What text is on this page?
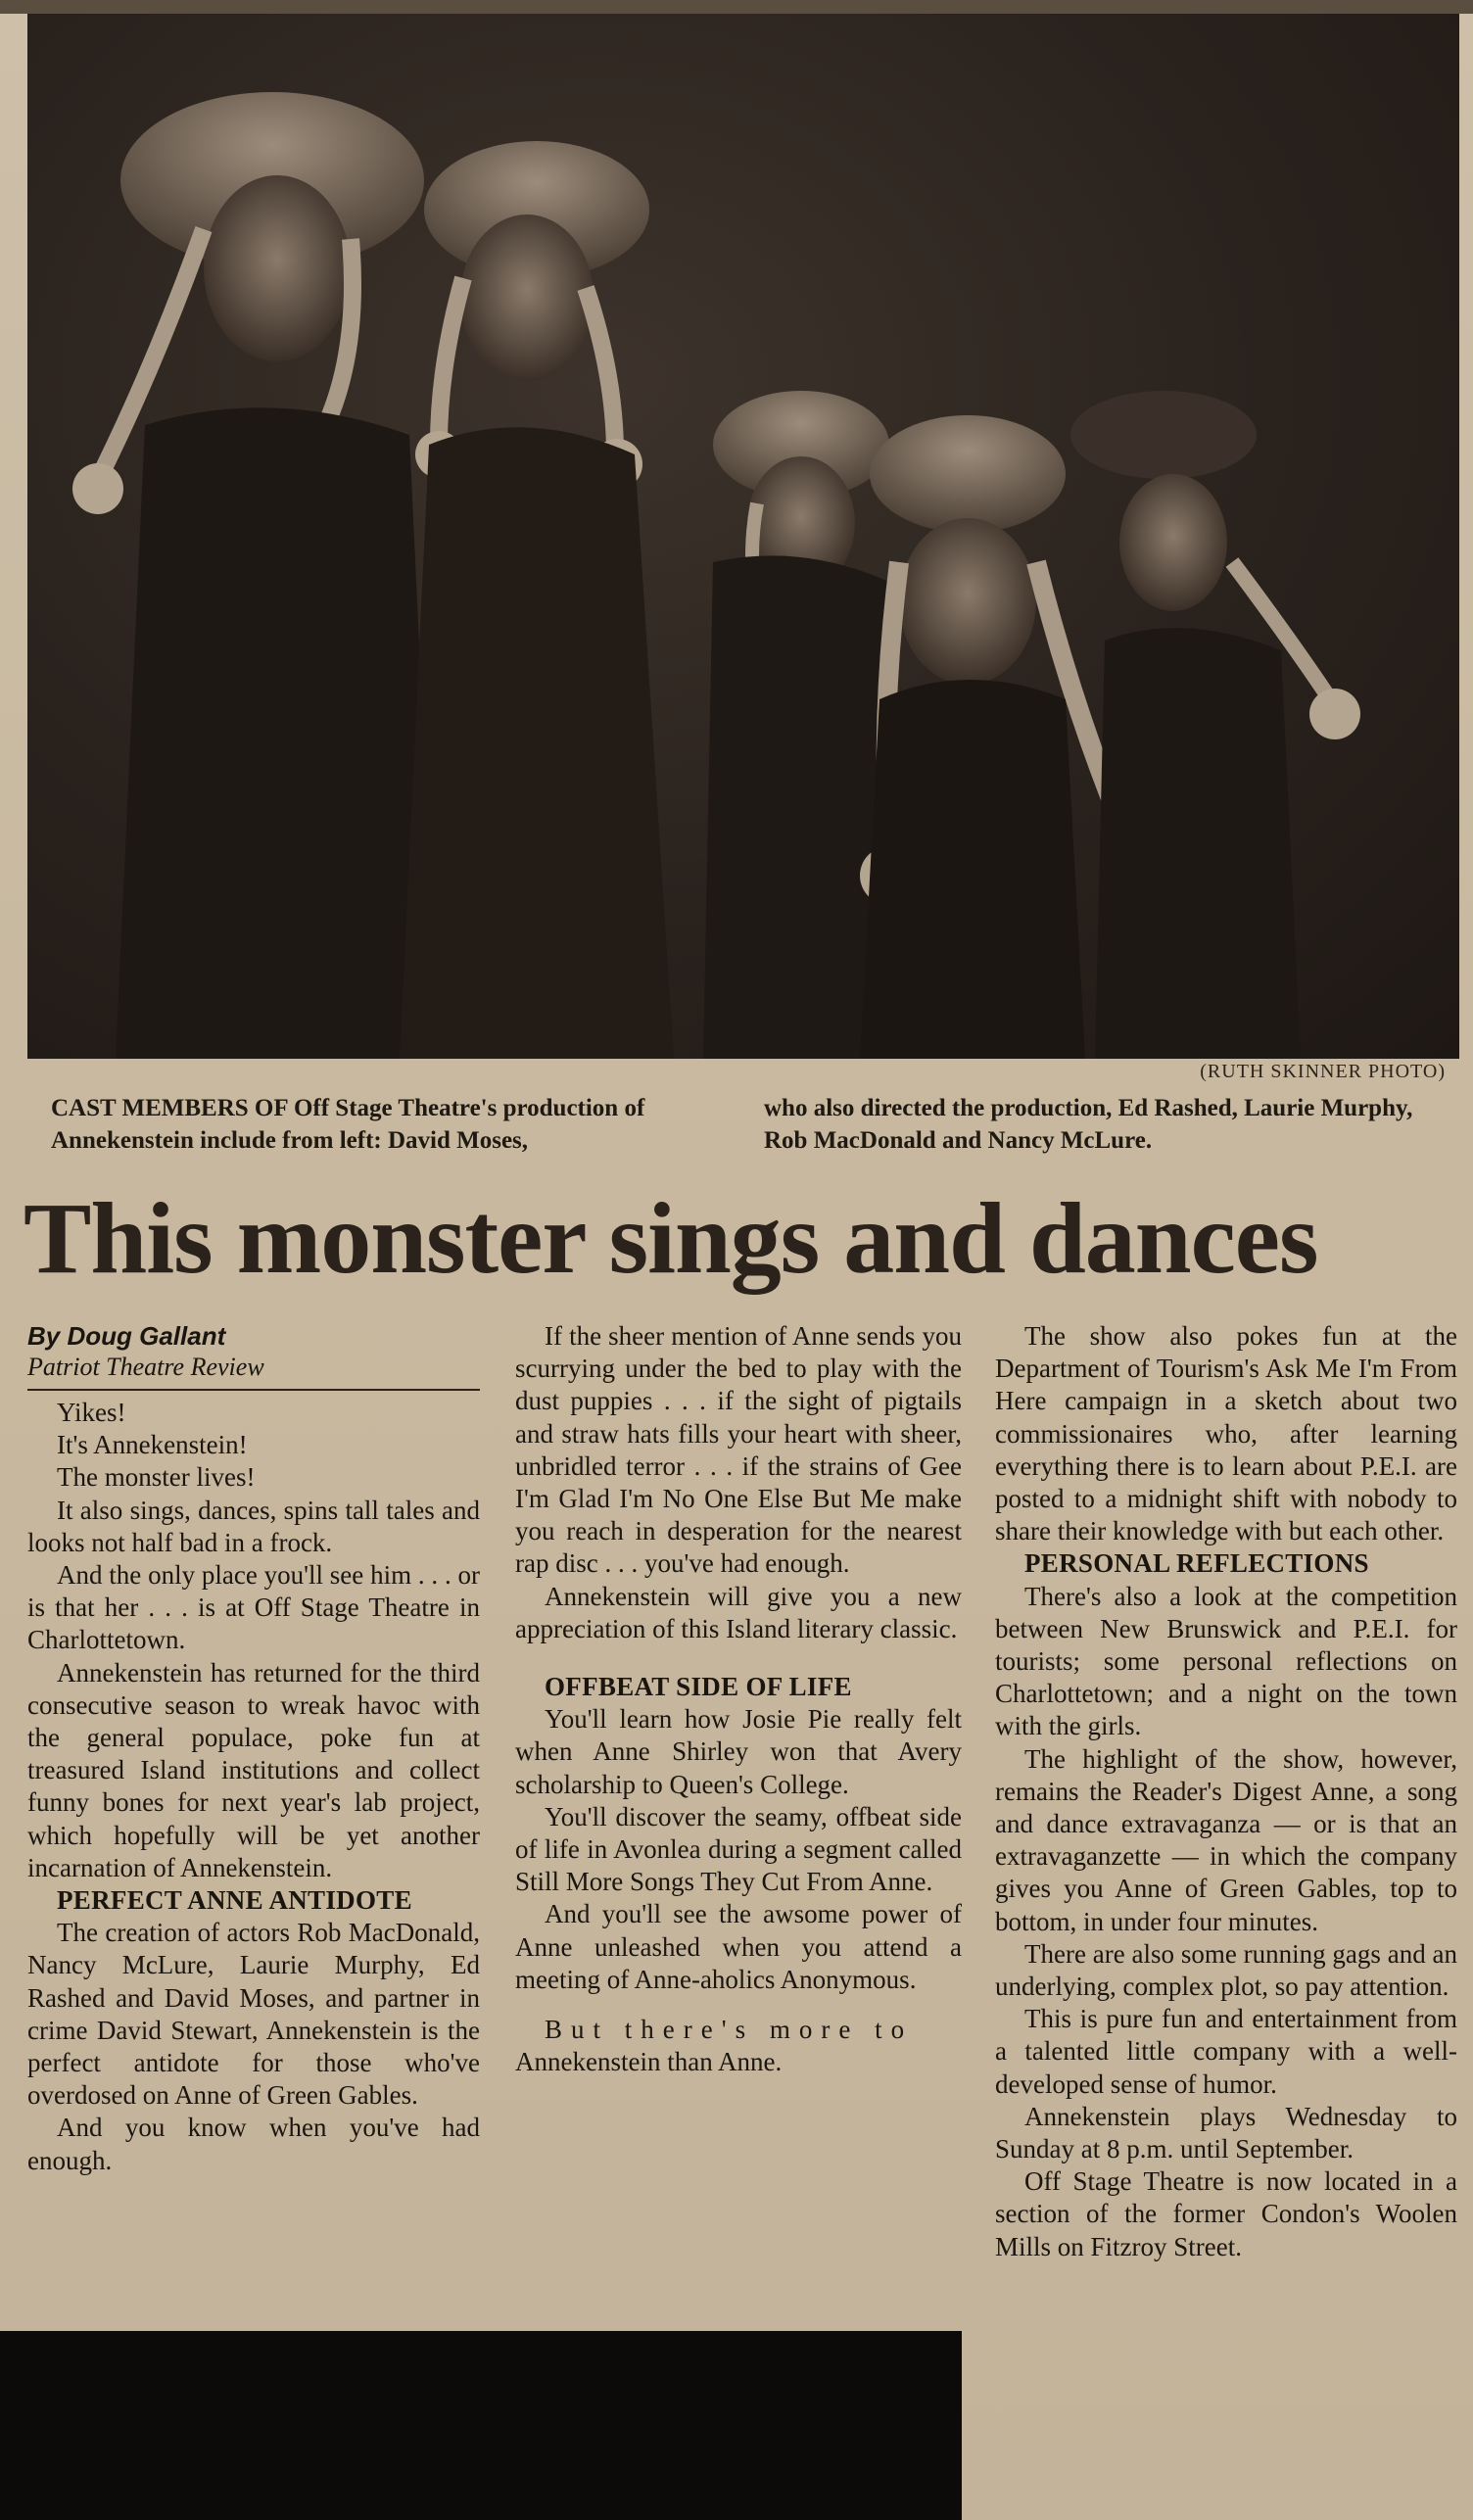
(RUTH SKINNER PHOTO)
CAST MEMBERS OF Off Stage Theatre's production of Annekenstein include from left: David Moses,
who also directed the production, Ed Rashed, Laurie Murphy, Rob MacDonald and Nancy McLure.
This monster sings and dances
By Doug Gallant
Patriot Theatre Review

Yikes!

It's Annekenstein!

The monster lives!

It also sings, dances, spins tall tales and looks not half bad in a frock.

And the only place you'll see him . . . or is that her . . . is at Off Stage Theatre in Charlottetown.

Annekenstein has returned for the third consecutive season to wreak havoc with the general populace, poke fun at treasured Island institutions and collect funny bones for next year's lab project, which hopefully will be yet another incarnation of Annekenstein.

PERFECT ANNE ANTIDOTE

The creation of actors Rob MacDonald, Nancy McLure, Laurie Murphy, Ed Rashed and David Moses, and partner in crime David Stewart, Annekenstein is the perfect antidote for those who've overdosed on Anne of Green Gables.

And you know when you've had enough.

If the sheer mention of Anne sends you scurrying under the bed to play with the dust puppies . . . if the sight of pigtails and straw hats fills your heart with sheer, unbridled terror . . . if the strains of Gee I'm Glad I'm No One Else But Me make you reach in desperation for the nearest rap disc . . . you've had enough.

Annekenstein will give you a new appreciation of this Island literary classic.

OFFBEAT SIDE OF LIFE

You'll learn how Josie Pie really felt when Anne Shirley won that Avery scholarship to Queen's College.

You'll discover the seamy, offbeat side of life in Avonlea during a segment called Still More Songs They Cut From Anne.

And you'll see the awsome power of Anne unleashed when you attend a meeting of Anne-aholics Anonymous.

But there's more to

Annekenstein than Anne.

The show also pokes fun at the Department of Tourism's Ask Me I'm From Here campaign in a sketch about two commissionaires who, after learning everything there is to learn about P.E.I. are posted to a midnight shift with nobody to share their knowledge with but each other.

PERSONAL REFLECTIONS

There's also a look at the competition between New Brunswick and P.E.I. for tourists; some personal reflections on Charlottetown; and a night on the town with the girls.

The highlight of the show, however, remains the Reader's Digest Anne, a song and dance extravaganza — or is that an extravaganzette — in which the company gives you Anne of Green Gables, top to bottom, in under four minutes.

There are also some running gags and an underlying, complex plot, so pay attention.

This is pure fun and entertainment from a talented little company with a well-developed sense of humor.

Annekenstein plays Wednesday to Sunday at 8 p.m. until September.

Off Stage Theatre is now located in a section of the former Condon's Woolen Mills on Fitzroy Street.
